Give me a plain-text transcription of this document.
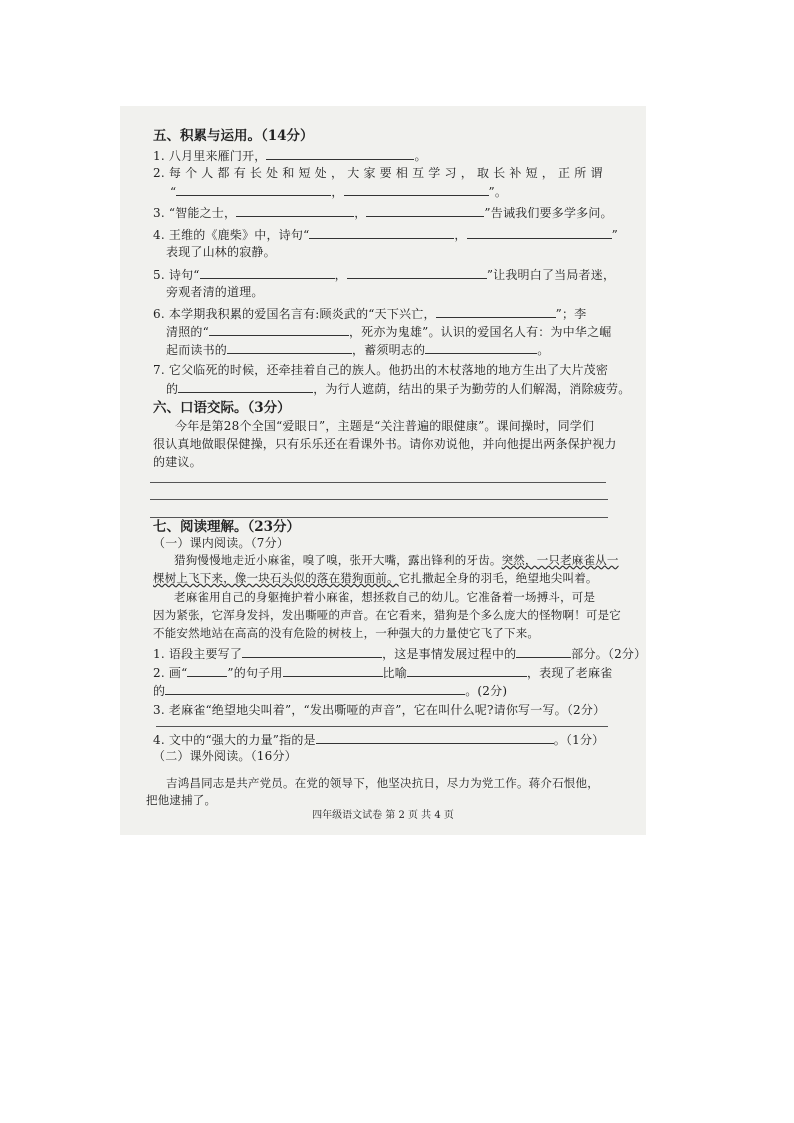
五、积累与运用。（14分）
1. 八月里来雁门开，	。
2. 每 个 人 都 有 长 处 和 短 处 ， 大 家 要 相 互 学 习 ， 取 长 补 短 ， 正 所 谓
“	，	”。
3. “智能之士，	，	”告诫我们要多学多问。
4. 王维的《鹿柴》中，诗句“	，	”
表现了山林的寂静。
5. 诗句“	，	”让我明白了当局者迷，
旁观者清的道理。
6. 本学期我积累的爱国名言有:顾炎武的“天下兴亡，	”；李
清照的“	，死亦为鬼雄”。认识的爱国名人有：为中华之崛
起而读书的	，蓄须明志的	。
7. 它父临死的时候，还牵挂着自己的族人。他扔出的木杖落地的地方生出了大片茂密
的	，为行人遮荫，结出的果子为勤劳的人们解渴，消除疲劳。
六、口语交际。（3分）
今年是第28个全国“爱眼日”，主题是“关注普遍的眼健康”。课间操时，同学们
很认真地做眼保健操，只有乐乐还在看课外书。请你劝说他，并向他提出两条保护视力
的建议。
七、阅读理解。（23分）
（一）课内阅读。（7分）
猎狗慢慢地走近小麻雀，嗅了嗅，张开大嘴，露出锋利的牙齿。突然，一只老麻雀从一
棵树上飞下来，像一块石头似的落在猎狗面前。它扎撒起全身的羽毛，绝望地尖叫着。
老麻雀用自己的身躯掩护着小麻雀，想拯救自己的幼儿。它准备着一场搏斗，可是
因为紧张，它浑身发抖，发出嘶哑的声音。在它看来，猎狗是个多么庞大的怪物啊！可是它
不能安然地站在高高的没有危险的树枝上，一种强大的力量使它飞了下来。
1. 语段主要写了	，这是事情发展过程中的	部分。（2分）
2. 画“	”的句子用	比喻	，表现了老麻雀
的	。(2分)
3. 老麻雀“绝望地尖叫着”，“发出嘶哑的声音”，它在叫什么呢?请你写一写。（2分）
4. 文中的“强大的力量”指的是	。（1分）
（二）课外阅读。（16分）
吉鸿昌同志是共产党员。在党的领导下，他坚决抗日，尽力为党工作。蒋介石恨他，
把他逮捕了。
四年级语文试卷 第 2 页 共 4 页
